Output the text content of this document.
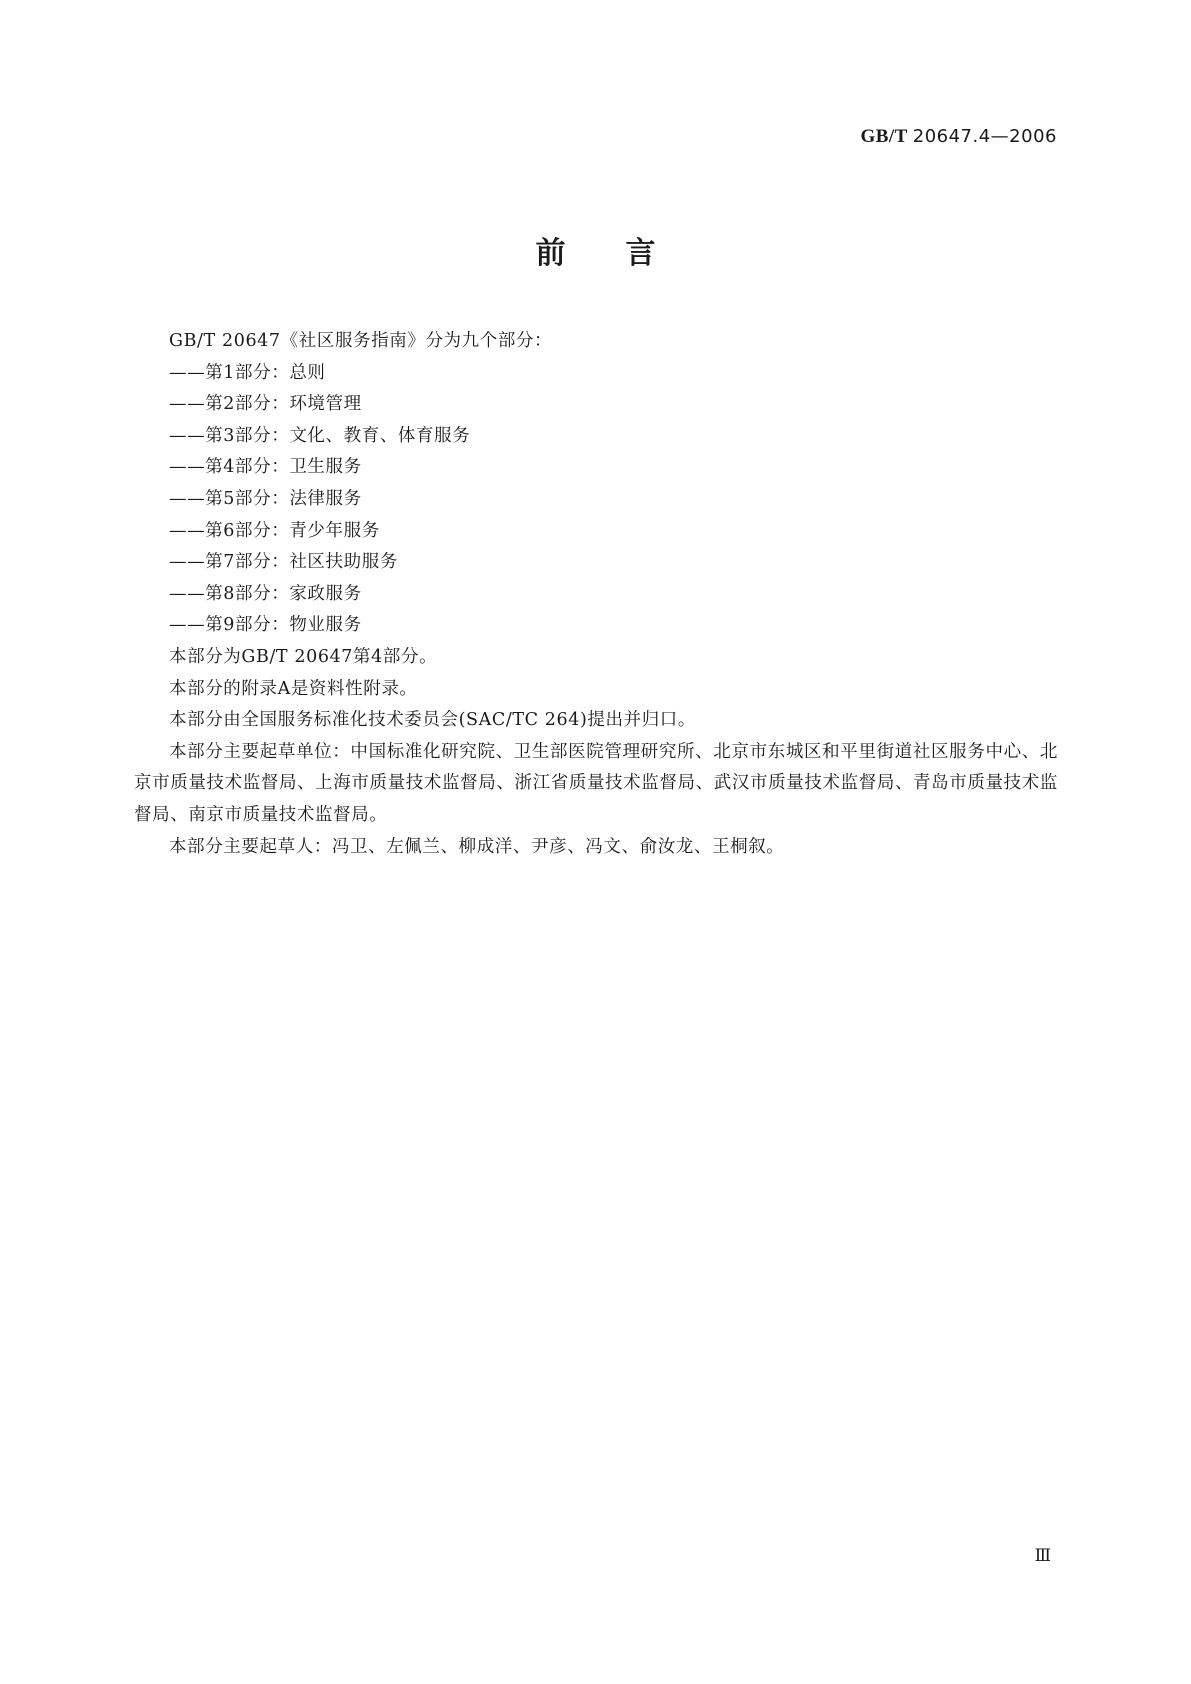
GB/T 20647.4—2006
前言

GB/T 20647《社区服务指南》分为九个部分：

——第1部分：总则

——第2部分：环境管理

——第3部分：文化、教育、体育服务

——第4部分：卫生服务

——第5部分：法律服务

——第6部分：青少年服务

——第7部分：社区扶助服务

——第8部分：家政服务

——第9部分：物业服务

本部分为GB/T 20647第4部分。

本部分的附录A是资料性附录。

本部分由全国服务标准化技术委员会(SAC/TC 264)提出并归口。

本部分主要起草单位：中国标准化研究院、卫生部医院管理研究所、北京市东城区和平里街道社区服务中心、北京市质量技术监督局、上海市质量技术监督局、浙江省质量技术监督局、武汉市质量技术监督局、青岛市质量技术监督局、南京市质量技术监督局。

本部分主要起草人：冯卫、左佩兰、柳成洋、尹彦、冯文、俞汝龙、王桐叙。

Ⅲ
